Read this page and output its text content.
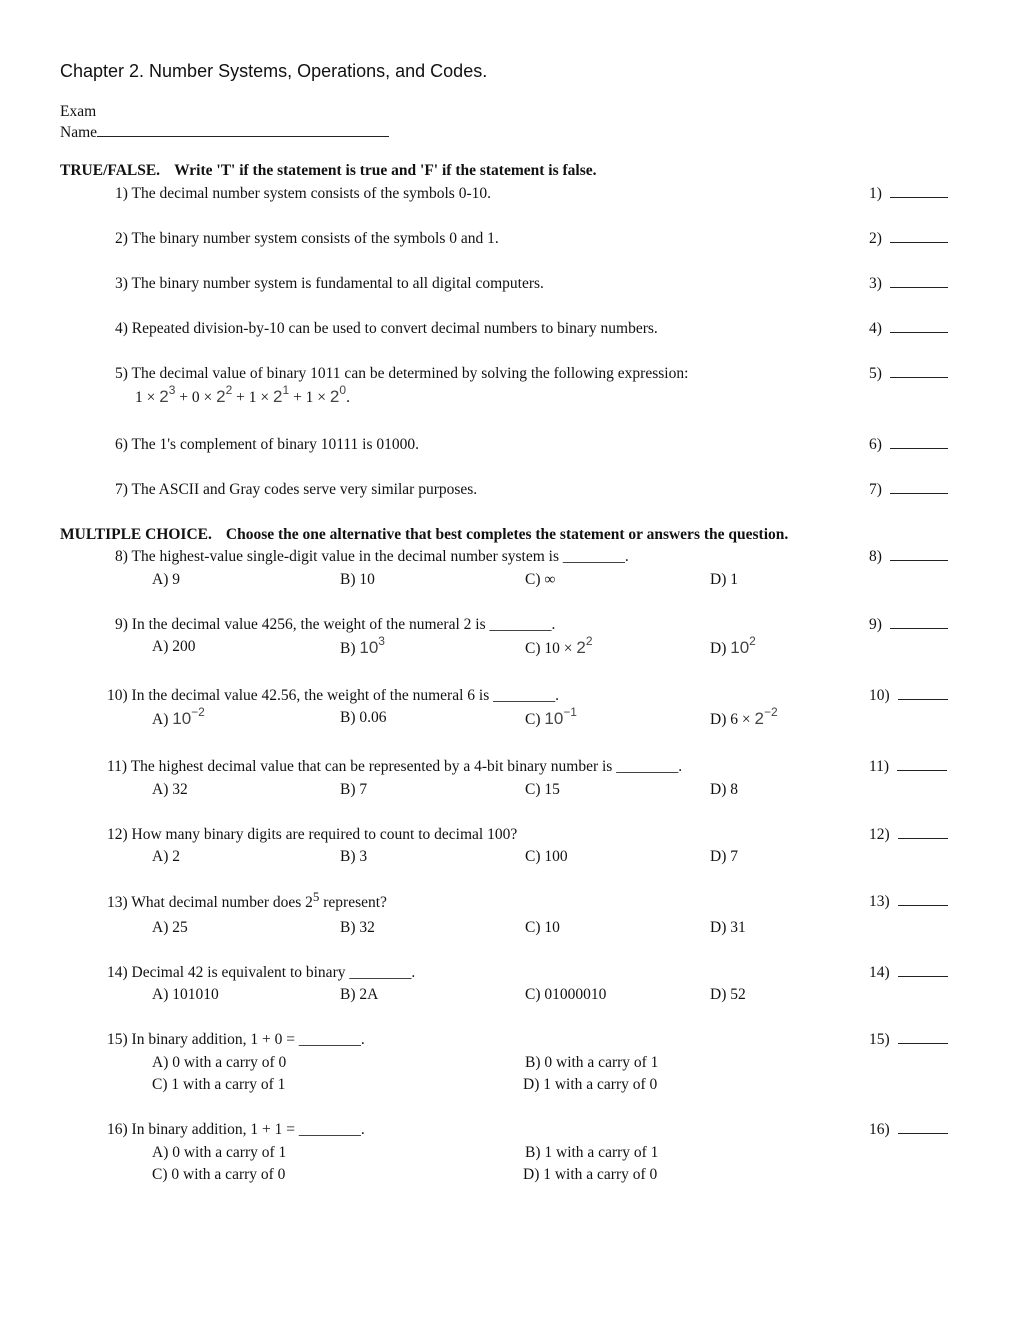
Chapter 2. Number Systems, Operations, and Codes.
Exam
Name
TRUE/FALSE. Write 'T' if the statement is true and 'F' if the statement is false.
1) The decimal number system consists of the symbols 0-10.	1)
2) The binary number system consists of the symbols 0 and 1.	2)
3) The binary number system is fundamental to all digital computers.	3)
4) Repeated division-by-10 can be used to convert decimal numbers to binary numbers.	4)
5) The decimal value of binary 1011 can be determined by solving the following expression:
$1 \times 2^3 + 0 \times 2^2 + 1 \times 2^1 + 1 \times 2^0$.
5)
6) The 1's complement of binary 10111 is 01000.	6)
7) The ASCII and Gray codes serve very similar purposes.	7)
MULTIPLE CHOICE. Choose the one alternative that best completes the statement or answers the question.
8) The highest-value single-digit value in the decimal number system is ________.	8)
A) 9	B) 10	C) ∞	D) 1
9) In the decimal value 4256, the weight of the numeral 2 is ________.	9)
A) 200	B) $10^3$	C) $10 \times 2^2$	D) $10^2$
10) In the decimal value 42.56, the weight of the numeral 6 is ________.	10)
A) $10^{-2}$	B) 0.06	C) $10^{-1}$	D) $6 \times 2^{-2}$
11) The highest decimal value that can be represented by a 4-bit binary number is ________.	11)
A) 32	B) 7	C) 15	D) 8
12) How many binary digits are required to count to decimal 100?	12)
A) 2	B) 3	C) 100	D) 7
13) What decimal number does $2^5$ represent?	13)
A) 25	B) 32	C) 10	D) 31
14) Decimal 42 is equivalent to binary ________.	14)
A) 101010	B) 2A	C) 01000010	D) 52
15) In binary addition, 1 + 0 = ________.	15)
A) 0 with a carry of 0	B) 0 with a carry of 1
C) 1 with a carry of 1	D) 1 with a carry of 0
16) In binary addition, 1 + 1 = ________.	16)
A) 0 with a carry of 1	B) 1 with a carry of 1
C) 0 with a carry of 0	D) 1 with a carry of 0
